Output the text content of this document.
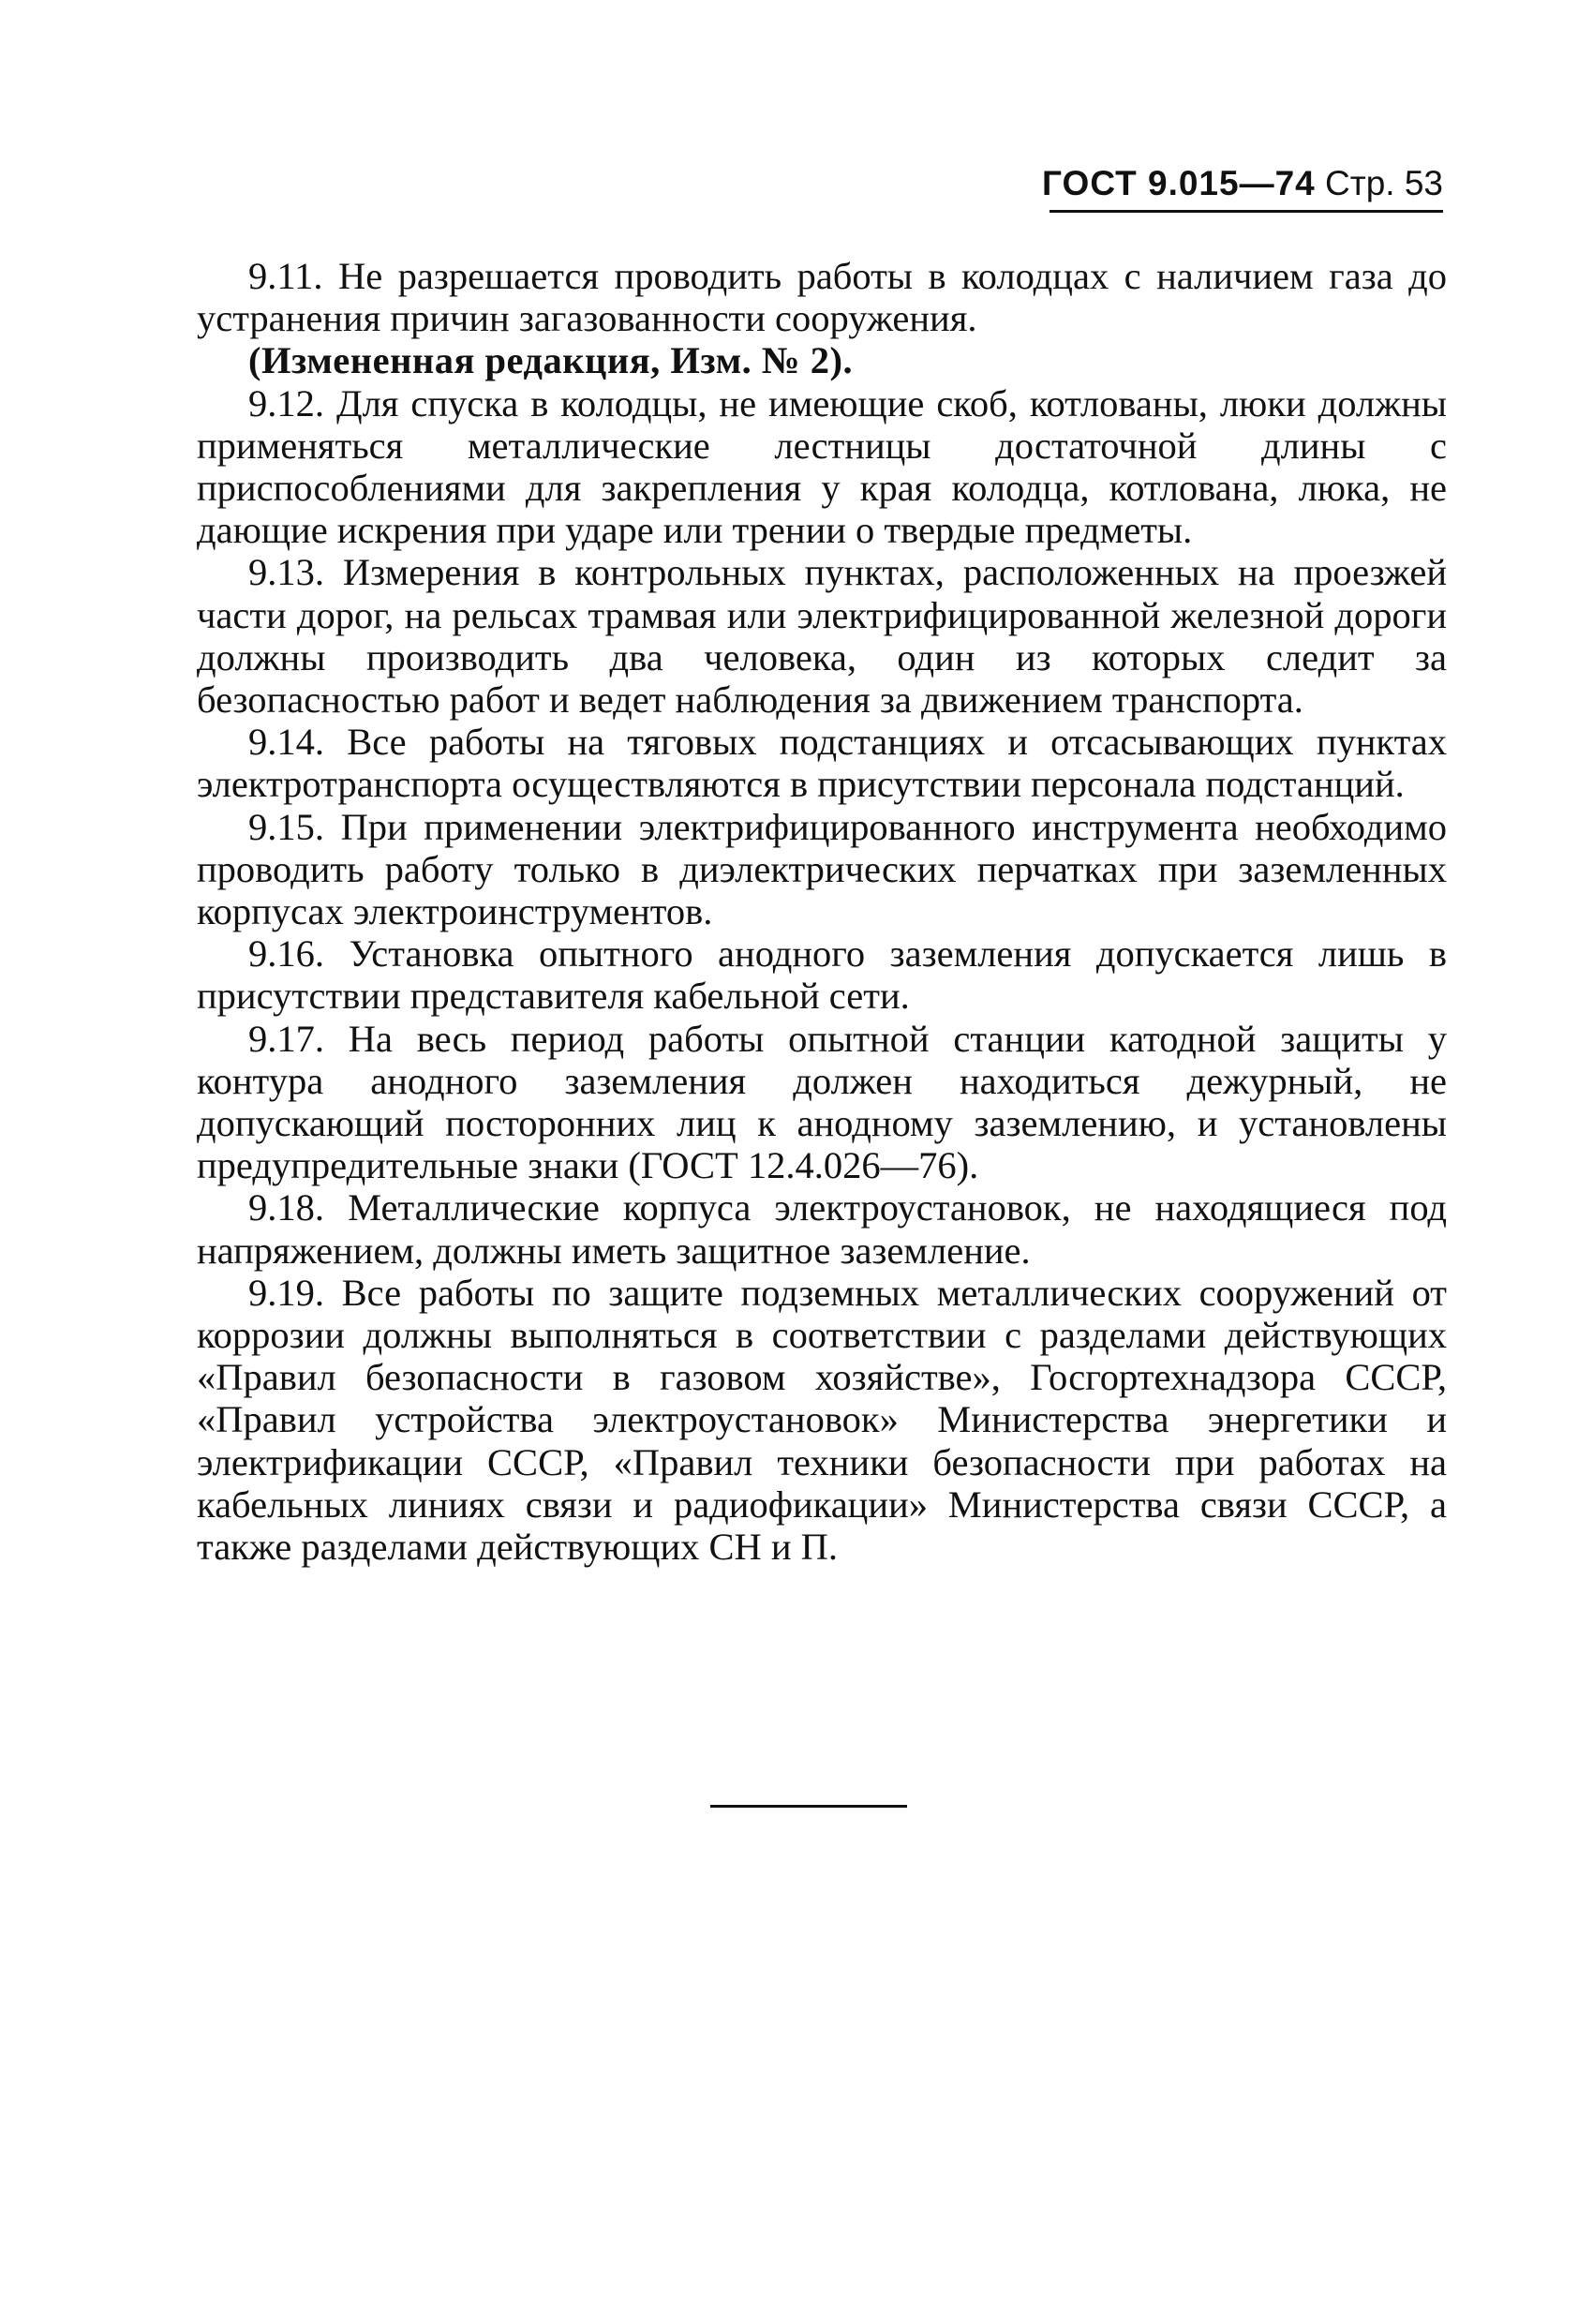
ГОСТ 9.015—74 Стр. 53

9.11. Не разрешается проводить работы в колодцах с наличием газа до устранения причин загазованности сооружения.

(Измененная редакция, Изм. № 2).

9.12. Для спуска в колодцы, не имеющие скоб, котлованы, люки должны применяться металлические лестницы достаточной длины с приспособлениями для закрепления у края колодца, котлована, люка, не дающие искрения при ударе или трении о твердые предметы.

9.13. Измерения в контрольных пунктах, расположенных на проезжей части дорог, на рельсах трамвая или электрифицированной железной дороги должны производить два человека, один из которых следит за безопасностью работ и ведет наблюдения за движением транспорта.

9.14. Все работы на тяговых подстанциях и отсасывающих пунктах электротранспорта осуществляются в присутствии персонала подстанций.

9.15. При применении электрифицированного инструмента необходимо проводить работу только в диэлектрических перчатках при заземленных корпусах электроинструментов.

9.16. Установка опытного анодного заземления допускается лишь в присутствии представителя кабельной сети.

9.17. На весь период работы опытной станции катодной защиты у контура анодного заземления должен находиться дежурный, не допускающий посторонних лиц к анодному заземлению, и установлены предупредительные знаки (ГОСТ 12.4.026—76).

9.18. Металлические корпуса электроустановок, не находящиеся под напряжением, должны иметь защитное заземление.

9.19. Все работы по защите подземных металлических сооружений от коррозии должны выполняться в соответствии с разделами действующих «Правил безопасности в газовом хозяйстве», Госгортехнадзора СССР, «Правил устройства электроустановок» Министерства энергетики и электрификации СССР, «Правил техники безопасности при работах на кабельных линиях связи и радиофикации» Министерства связи СССР, а также разделами действующих СН и П.
